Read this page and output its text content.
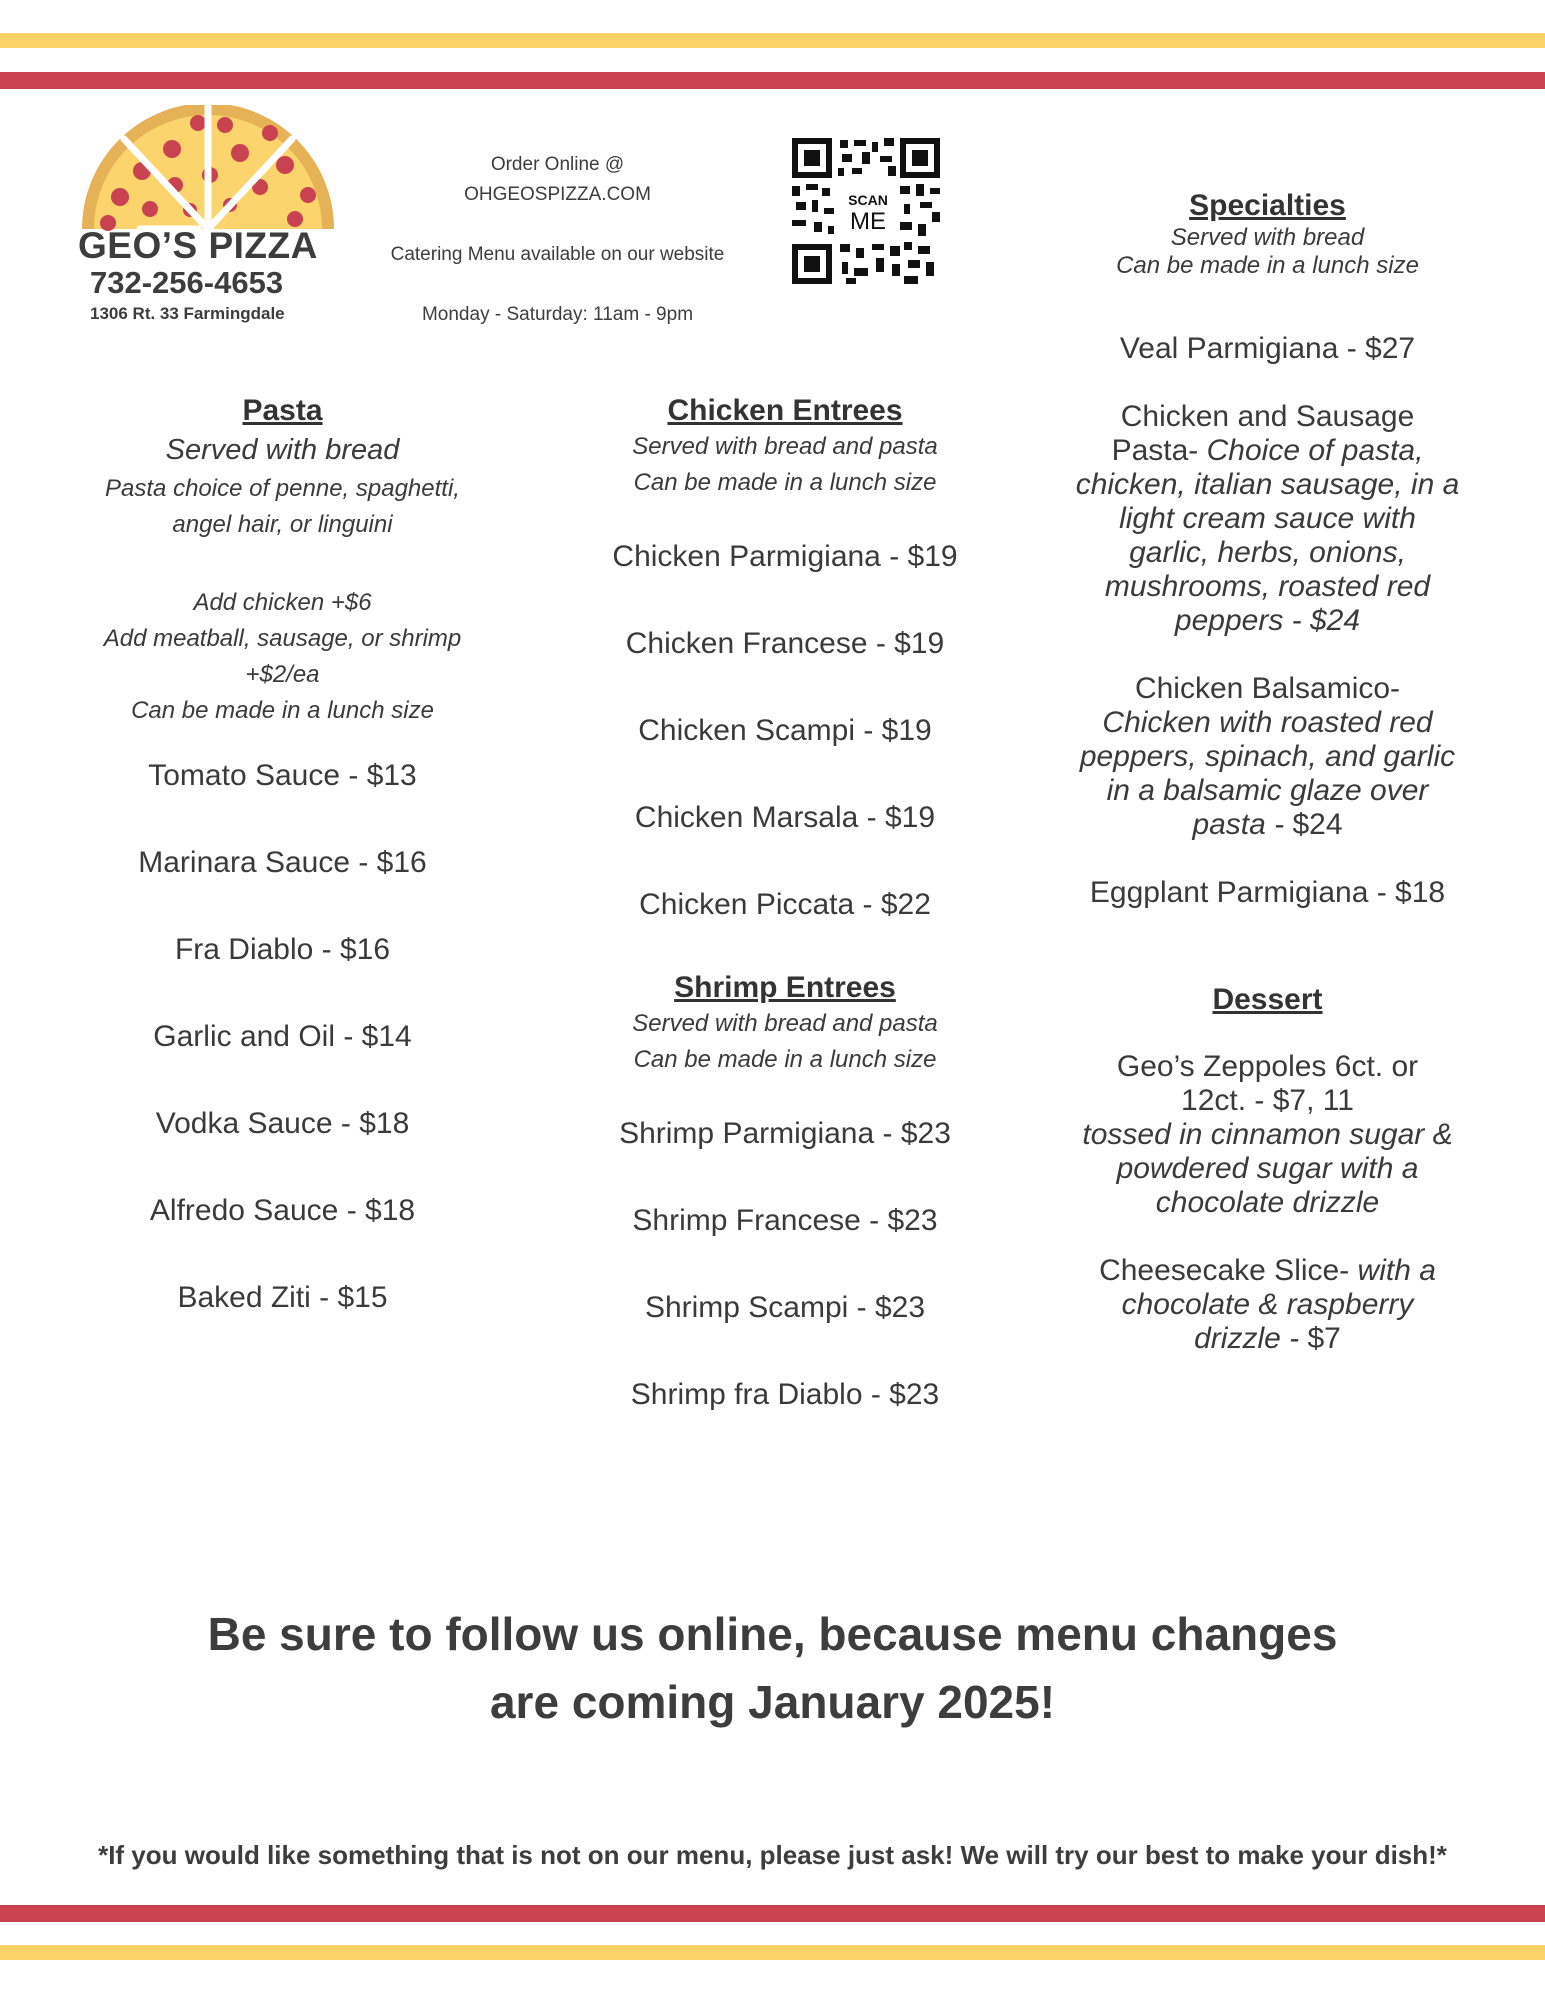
GEO’S PIZZA
732-256-4653
1306 Rt. 33 Farmingdale
Order Online @
OHGEOSPIZZA.COM
Catering Menu available on our website
Monday - Saturday: 11am - 9pm
SCAN
ME
Pasta
Served with bread
Pasta choice of penne, spaghetti,
angel hair, or linguini
Add chicken +$6
Add meatball, sausage, or shrimp
+$2/ea
Can be made in a lunch size
Tomato Sauce - $13
Marinara Sauce - $16
Fra Diablo - $16
Garlic and Oil - $14
Vodka Sauce - $18
Alfredo Sauce - $18
Baked Ziti - $15
Chicken Entrees
Served with bread and pasta
Can be made in a lunch size
Chicken Parmigiana - $19
Chicken Francese - $19
Chicken Scampi - $19
Chicken Marsala - $19
Chicken Piccata - $22
Shrimp Entrees
Served with bread and pasta
Can be made in a lunch size
Shrimp Parmigiana - $23
Shrimp Francese - $23
Shrimp Scampi - $23
Shrimp fra Diablo - $23
Specialties
Served with bread
Can be made in a lunch size
Veal Parmigiana - $27
Chicken and Sausage
Pasta- Choice of pasta,
chicken, italian sausage, in a
light cream sauce with
garlic, herbs, onions,
mushrooms, roasted red
peppers - $24
Chicken Balsamico-
Chicken with roasted red
peppers, spinach, and garlic
in a balsamic glaze over
pasta - $24
Eggplant Parmigiana - $18
Dessert
Geo’s Zeppoles 6ct. or
12ct. - $7, 11
tossed in cinnamon sugar &
powdered sugar with a
chocolate drizzle
Cheesecake Slice- with a
chocolate & raspberry
drizzle - $7
Be sure to follow us online, because menu changes
are coming January 2025!
*If you would like something that is not on our menu, please just ask! We will try our best to make your dish!*
